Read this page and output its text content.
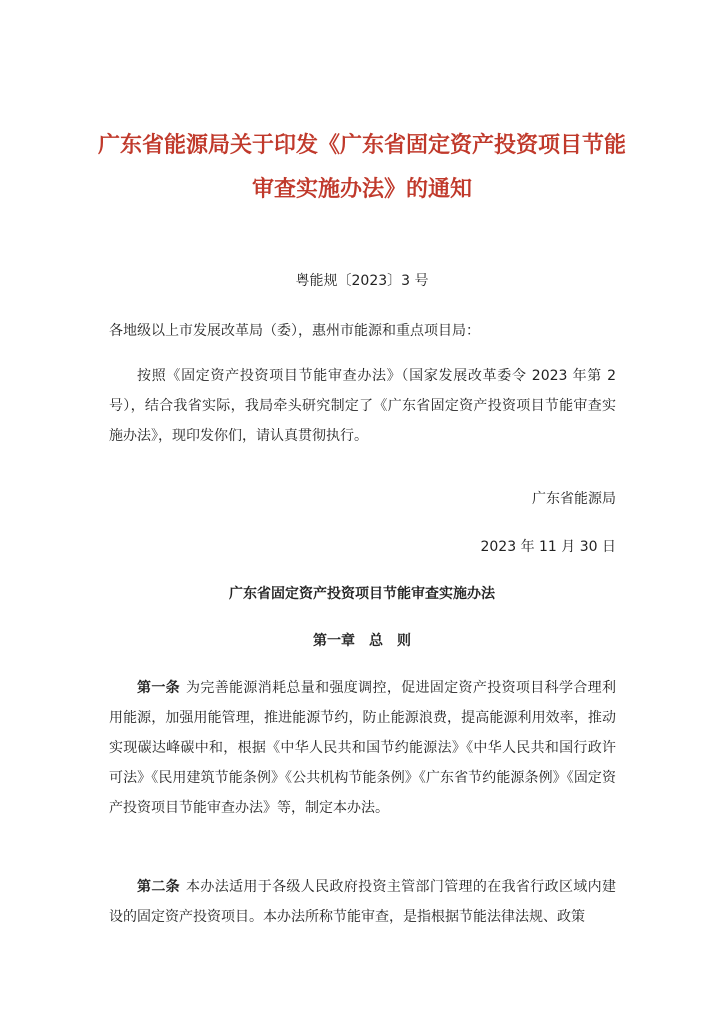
广东省能源局关于印发《广东省固定资产投资项目节能审查实施办法》的通知
粤能规〔2023〕3 号

各地级以上市发展改革局（委），惠州市能源和重点项目局：

按照《固定资产投资项目节能审查办法》（国家发展改革委令 2023 年第 2 号），结合我省实际，我局牵头研究制定了《广东省固定资产投资项目节能审查实施办法》，现印发你们，请认真贯彻执行。

广东省能源局
2023 年 11 月 30 日
广东省固定资产投资项目节能审查实施办法
第一章　总　则

第一条 为完善能源消耗总量和强度调控，促进固定资产投资项目科学合理利用能源，加强用能管理，推进能源节约，防止能源浪费，提高能源利用效率，推动实现碳达峰碳中和，根据《中华人民共和国节约能源法》《中华人民共和国行政许可法》《民用建筑节能条例》《公共机构节能条例》《广东省节约能源条例》《固定资产投资项目节能审查办法》等，制定本办法。

第二条 本办法适用于各级人民政府投资主管部门管理的在我省行政区域内建设的固定资产投资项目。本办法所称节能审查，是指根据节能法律法规、政策
